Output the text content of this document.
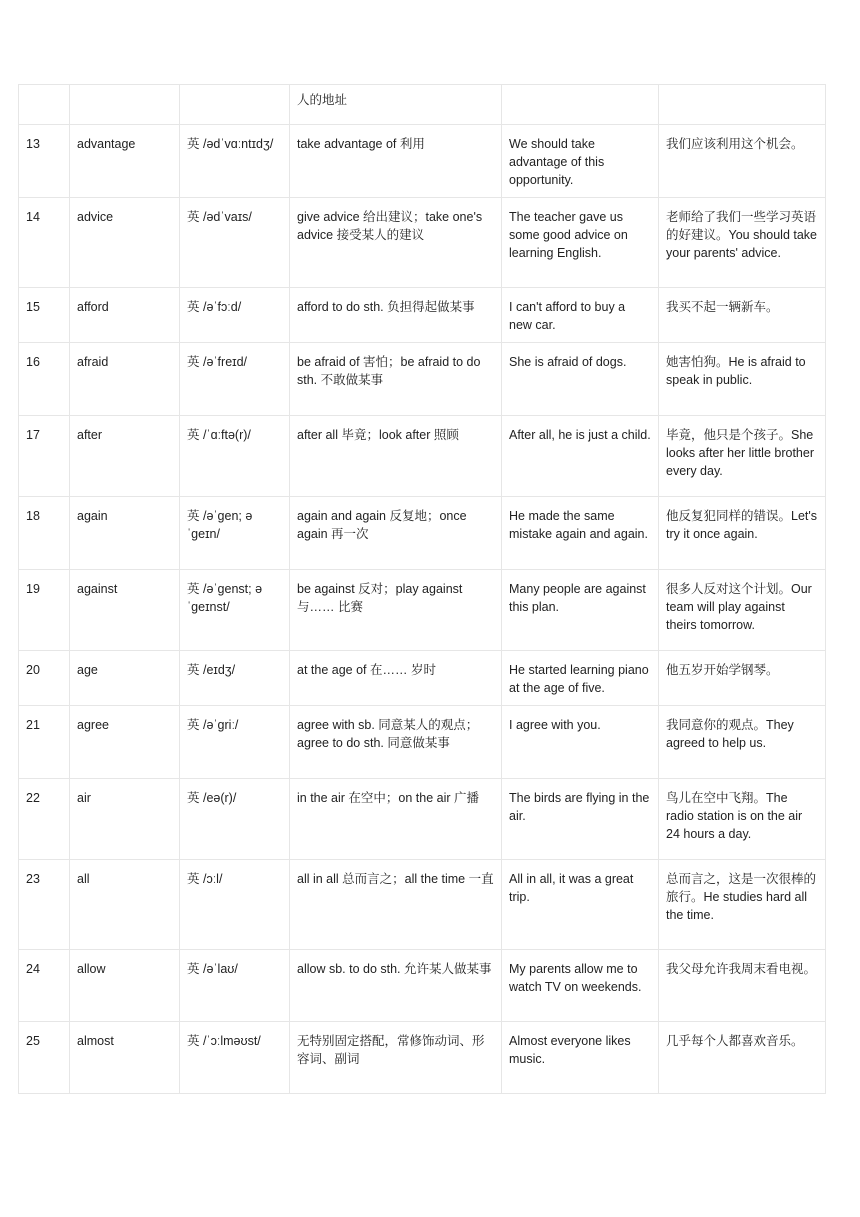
			人的地址		
13	advantage	英 /ədˈvɑːntɪdʒ/	take advantage of 利用	We should take advantage of this opportunity.	我们应该利用这个机会。
14	advice	英 /ədˈvaɪs/	give advice 给出建议；take one's advice 接受某人的建议	The teacher gave us some good advice on learning English.	老师给了我们一些学习英语的好建议。You should take your parents' advice.
15	afford	英 /əˈfɔːd/	afford to do sth. 负担得起做某事	I can't afford to buy a new car.	我买不起一辆新车。
16	afraid	英 /əˈfreɪd/	be afraid of 害怕；be afraid to do sth. 不敢做某事	She is afraid of dogs.	她害怕狗。He is afraid to speak in public.
17	after	英 /ˈɑːftə(r)/	after all 毕竟；look after 照顾	After all, he is just a child.	毕竟，他只是个孩子。She looks after her little brother every day.
18	again	英 /əˈgen; əˈgeɪn/	again and again 反复地；once again 再一次	He made the same mistake again and again.	他反复犯同样的错误。Let's try it once again.
19	against	英 /əˈgenst; əˈgeɪnst/	be against 反对；play against 与…… 比赛	Many people are against this plan.	很多人反对这个计划。Our team will play against theirs tomorrow.
20	age	英 /eɪdʒ/	at the age of 在…… 岁时	He started learning piano at the age of five.	他五岁开始学钢琴。
21	agree	英 /əˈgriː/	agree with sb. 同意某人的观点；agree to do sth. 同意做某事	I agree with you.	我同意你的观点。They agreed to help us.
22	air	英 /eə(r)/	in the air 在空中；on the air 广播	The birds are flying in the air.	鸟儿在空中飞翔。The radio station is on the air 24 hours a day.
23	all	英 /ɔːl/	all in all 总而言之；all the time 一直	All in all, it was a great trip.	总而言之，这是一次很棒的旅行。He studies hard all the time.
24	allow	英 /əˈlaʊ/	allow sb. to do sth. 允许某人做某事	My parents allow me to watch TV on weekends.	我父母允许我周末看电视。
25	almost	英 /ˈɔːlməʊst/	无特别固定搭配，常修饰动词、形容词、副词	Almost everyone likes music.	几乎每个人都喜欢音乐。
